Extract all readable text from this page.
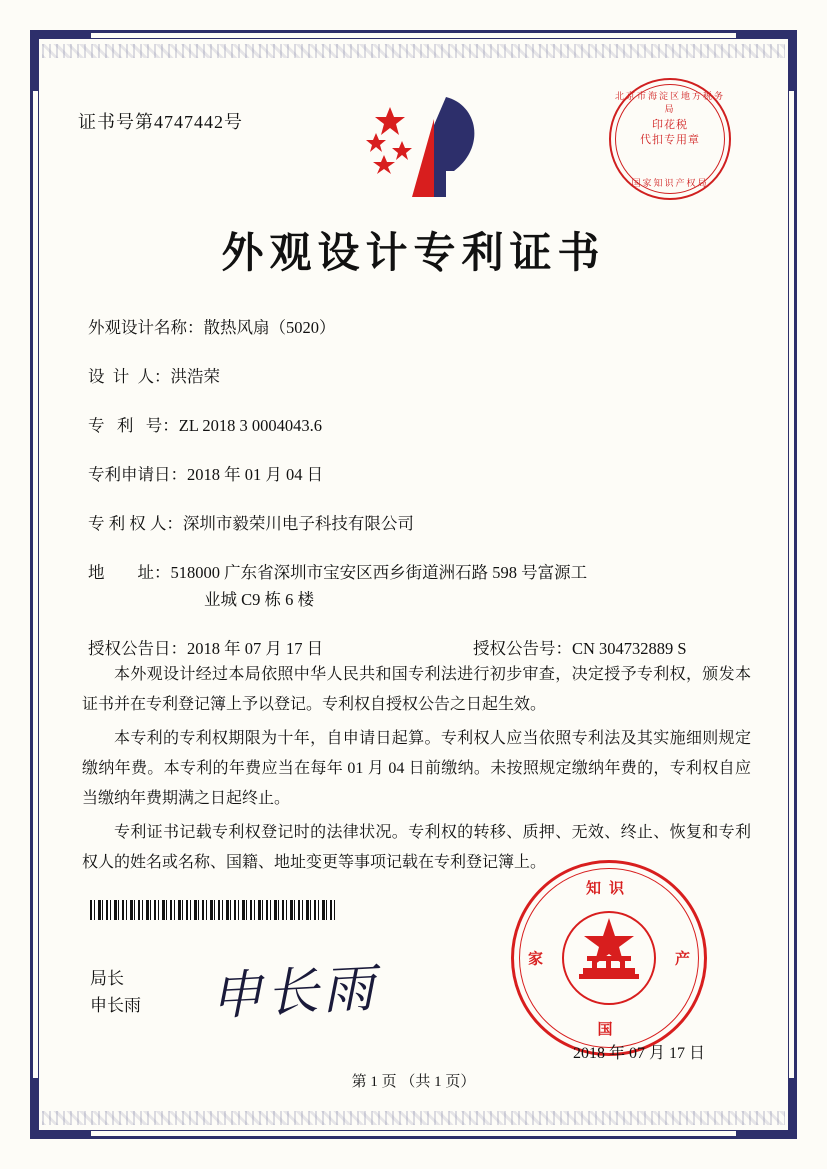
证书号第4747442号
北京市海淀区地方税务局
印花税
代扣专用章
国家知识产权局
外观设计专利证书
外观设计名称： 散热风扇（5020）
设  计  人： 洪浩荣
专   利   号： ZL 2018 3 0004043.6
专利申请日： 2018 年 01 月 04 日
专 利 权 人： 深圳市毅荣川电子科技有限公司
地        址： 518000 广东省深圳市宝安区西乡街道洲石路 598 号富源工
业城 C9 栋 6 楼
授权公告日： 2018 年 07 月 17 日	授权公告号： CN 304732889 S

本外观设计经过本局依照中华人民共和国专利法进行初步审查，决定授予专利权，颁发本证书并在专利登记簿上予以登记。专利权自授权公告之日起生效。

本专利的专利权期限为十年，自申请日起算。专利权人应当依照专利法及其实施细则规定缴纳年费。本专利的年费应当在每年 01 月 04 日前缴纳。未按照规定缴纳年费的，专利权自应当缴纳年费期满之日起终止。

专利证书记载专利权登记时的法律状况。专利权的转移、质押、无效、终止、恢复和专利权人的姓名或名称、国籍、地址变更等事项记载在专利登记簿上。

局长
申长雨 申长雨
知识
家	产
国
2018 年 07 月 17 日
第 1 页 （共 1 页）
